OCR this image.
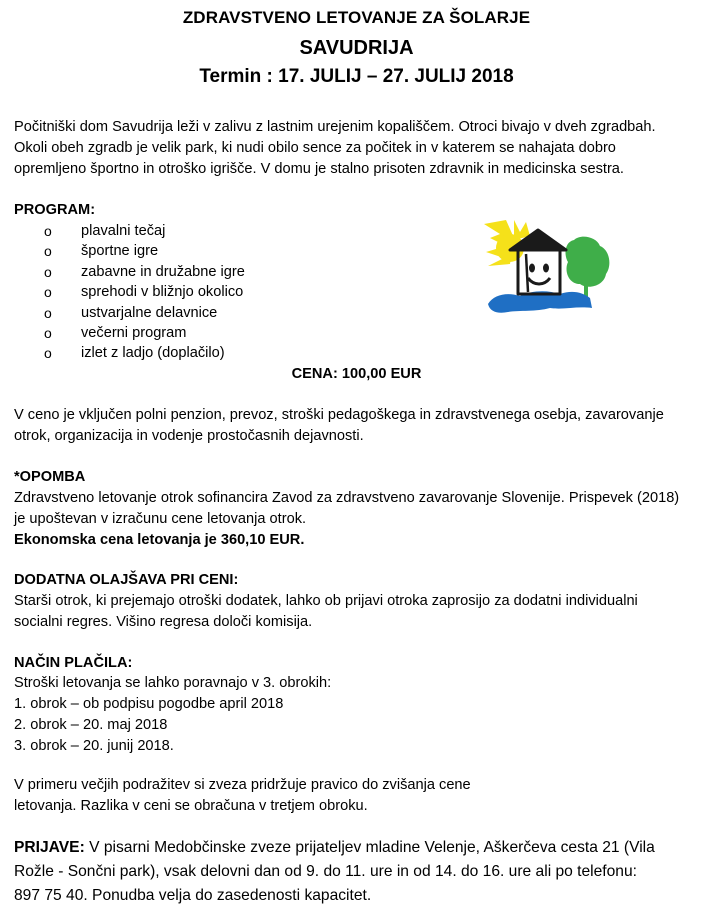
ZDRAVSTVENO LETOVANJE ZA ŠOLARJE
SAVUDRIJA
Termin : 17. JULIJ – 27. JULIJ 2018
Počitniški dom Savudrija leži v zalivu z lastnim urejenim kopališčem. Otroci bivajo v dveh zgradbah.
Okoli obeh zgradb je velik park, ki nudi obilo sence za počitek in v katerem se nahajata dobro
opremljeno športno in otroško igrišče. V domu je stalno prisoten zdravnik in medicinska sestra.
PROGRAM:
o plavalni tečaj
o športne igre
o zabavne in družabne igre
o sprehodi v bližnjo okolico
o ustvarjalne delavnice
o večerni program
o izlet z ladjo (doplačilo)
CENA: 100,00 EUR
V ceno je vključen polni penzion, prevoz, stroški pedagoškega in zdravstvenega osebja, zavarovanje
otrok, organizacija in vodenje prostočasnih dejavnosti.
*OPOMBA
Zdravstveno letovanje otrok sofinancira Zavod za zdravstveno zavarovanje Slovenije. Prispevek (2018)
je upoštevan v izračunu cene letovanja otrok.
Ekonomska cena letovanja je 360,10 EUR.
DODATNA OLAJŠAVA PRI CENI:
Starši otrok, ki prejemajo otroški dodatek, lahko ob prijavi otroka zaprosijo za dodatni individualni
socialni regres. Višino regresa določi komisija.
NAČIN PLAČILA:
Stroški letovanja se lahko poravnajo v 3. obrokih:
1. obrok – ob podpisu pogodbe april 2018
2. obrok – 20. maj 2018
3. obrok – 20. junij 2018.
V primeru večjih podražitev si zveza pridržuje pravico do zvišanja cene
letovanja. Razlika v ceni se obračuna v tretjem obroku.
PRIJAVE: V pisarni Medobčinske zveze prijateljev mladine Velenje, Aškerčeva cesta 21 (Vila
Rožle - Sončni park), vsak delovni dan od 9. do 11. ure in od 14. do 16. ure ali po telefonu:
897 75 40. Ponudba velja do zasedenosti kapacitet.
